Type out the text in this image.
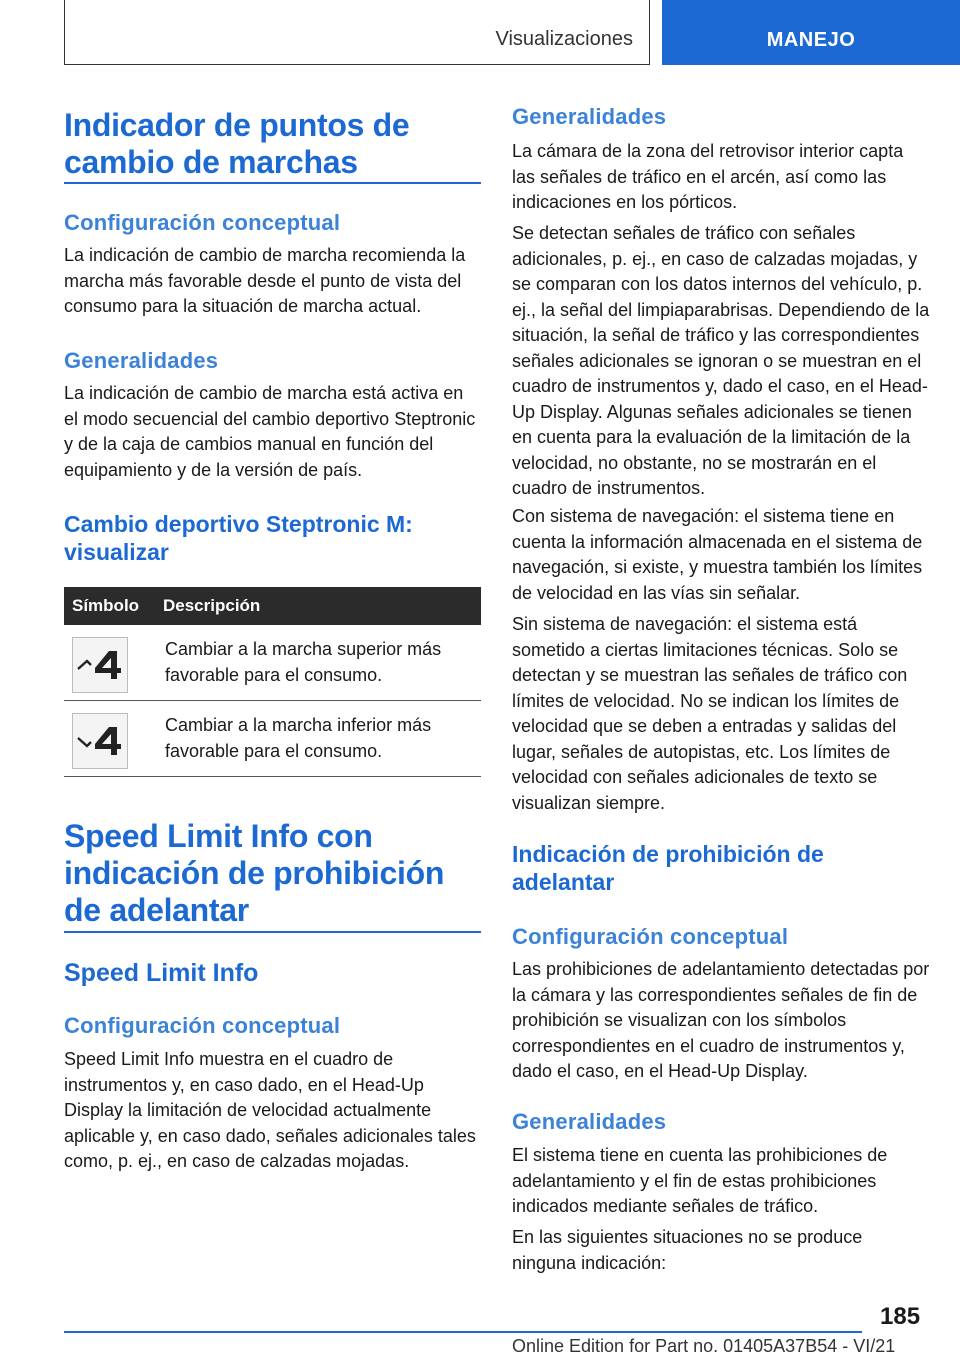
Visualizaciones	MANEJO
Indicador de puntos de cambio de marchas
Configuración conceptual

La indicación de cambio de marcha recomienda la marcha más favorable desde el punto de vista del consumo para la situación de marcha actual.

Generalidades

La indicación de cambio de marcha está activa en el modo secuencial del cambio deportivo Steptronic y de la caja de cambios manual en función del equipamiento y de la versión de país.

Cambio deportivo Steptronic M: visualizar
Símbolo	Descripción
Cambiar a la marcha superior más favorable para el consumo.
Cambiar a la marcha inferior más favorable para el consumo.
Speed Limit Info con indicación de prohibición de adelantar
Speed Limit Info
Configuración conceptual

Speed Limit Info muestra en el cuadro de instrumentos y, en caso dado, en el Head-Up Display la limitación de velocidad actualmente aplicable y, en caso dado, señales adicionales tales como, p. ej., en caso de calzadas mojadas.

Generalidades

La cámara de la zona del retrovisor interior capta las señales de tráfico en el arcén, así como las indicaciones en los pórticos.

Se detectan señales de tráfico con señales adicionales, p. ej., en caso de calzadas mojadas, y se comparan con los datos internos del vehículo, p. ej., la señal del limpiaparabrisas. Dependiendo de la situación, la señal de tráfico y las correspondientes señales adicionales se ignoran o se muestran en el cuadro de instrumentos y, dado el caso, en el Head-Up Display. Algunas señales adicionales se tienen en cuenta para la evaluación de la limitación de la velocidad, no obstante, no se mostrarán en el cuadro de instrumentos.

Con sistema de navegación: el sistema tiene en cuenta la información almacenada en el sistema de navegación, si existe, y muestra también los límites de velocidad en las vías sin señalar.

Sin sistema de navegación: el sistema está sometido a ciertas limitaciones técnicas. Solo se detectan y se muestran las señales de tráfico con límites de velocidad. No se indican los límites de velocidad que se deben a entradas y salidas del lugar, señales de autopistas, etc. Los límites de velocidad con señales adicionales de texto se visualizan siempre.

Indicación de prohibición de adelantar
Configuración conceptual

Las prohibiciones de adelantamiento detectadas por la cámara y las correspondientes señales de fin de prohibición se visualizan con los símbolos correspondientes en el cuadro de instrumentos y, dado el caso, en el Head-Up Display.

Generalidades

El sistema tiene en cuenta las prohibiciones de adelantamiento y el fin de estas prohibiciones indicados mediante señales de tráfico.

En las siguientes situaciones no se produce ninguna indicación:

185
Online Edition for Part no. 01405A37B54 - VI/21
